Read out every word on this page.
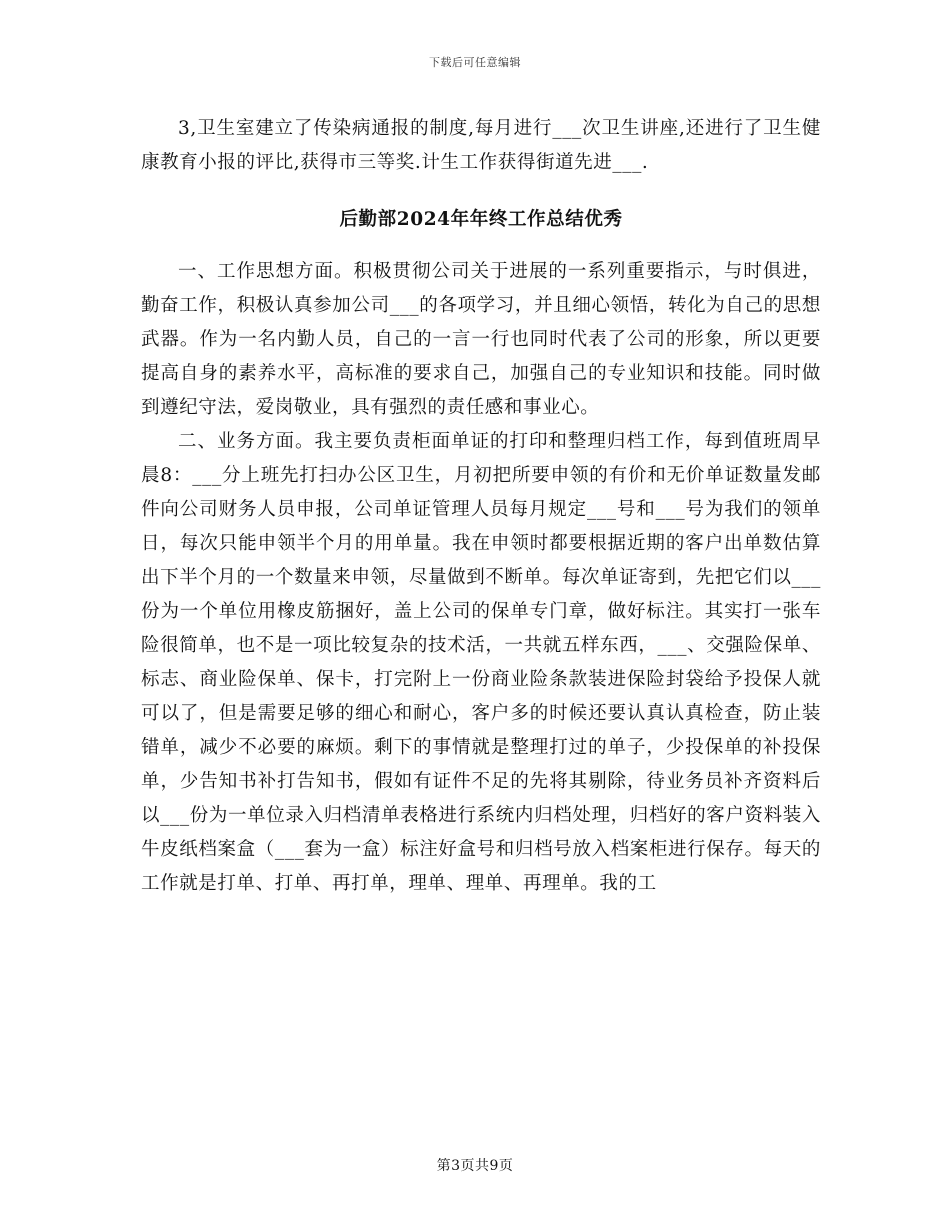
下载后可任意编辑

3,卫生室建立了传染病通报的制度,每月进行___次卫生讲座,还进行了卫生健康教育小报的评比,获得市三等奖.计生工作获得街道先进___.

后勤部2024年年终工作总结优秀

一、工作思想方面。积极贯彻公司关于进展的一系列重要指示，与时俱进，勤奋工作，积极认真参加公司___的各项学习，并且细心领悟，转化为自己的思想武器。作为一名内勤人员，自己的一言一行也同时代表了公司的形象，所以更要提高自身的素养水平，高标准的要求自己，加强自己的专业知识和技能。同时做到遵纪守法，爱岗敬业，具有强烈的责任感和事业心。

二、业务方面。我主要负责柜面单证的打印和整理归档工作，每到值班周早晨8：___分上班先打扫办公区卫生，月初把所要申领的有价和无价单证数量发邮件向公司财务人员申报，公司单证管理人员每月规定___号和___号为我们的领单日，每次只能申领半个月的用单量。我在申领时都要根据近期的客户出单数估算出下半个月的一个数量来申领，尽量做到不断单。每次单证寄到，先把它们以___份为一个单位用橡皮筋捆好，盖上公司的保单专门章，做好标注。其实打一张车险很简单，也不是一项比较复杂的技术活，一共就五样东西，___、交强险保单、标志、商业险保单、保卡，打完附上一份商业险条款装进保险封袋给予投保人就可以了，但是需要足够的细心和耐心，客户多的时候还要认真认真检查，防止装错单，减少不必要的麻烦。剩下的事情就是整理打过的单子，少投保单的补投保单，少告知书补打告知书，假如有证件不足的先将其剔除，待业务员补齐资料后以___份为一单位录入归档清单表格进行系统内归档处理，归档好的客户资料装入牛皮纸档案盒（___套为一盒）标注好盒号和归档号放入档案柜进行保存。每天的工作就是打单、打单、再打单，理单、理单、再理单。我的工

第3页共9页
